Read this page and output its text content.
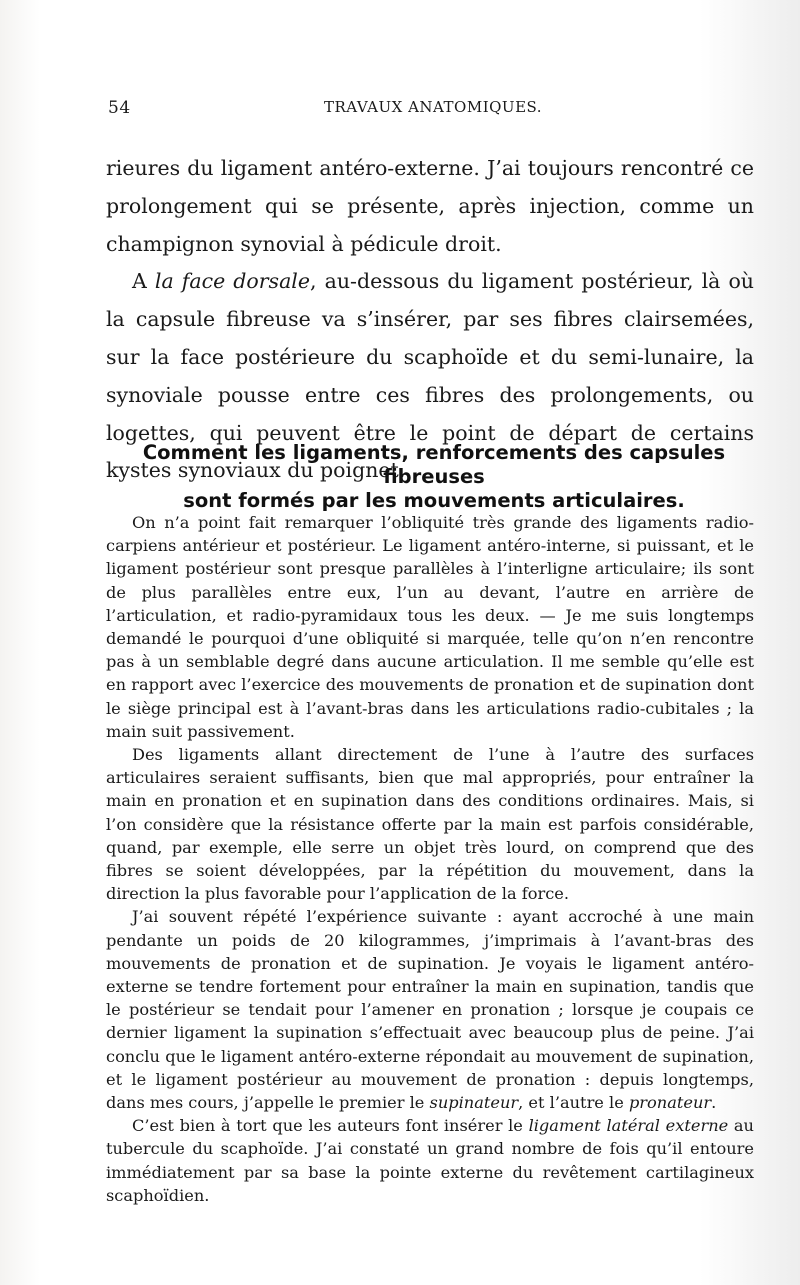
54	TRAVAUX ANATOMIQUES.

rieures du ligament antéro-externe. J’ai toujours rencontré ce prolongement qui se présente, après injection, comme un champignon synovial à pédicule droit.

A la face dorsale, au-dessous du ligament postérieur, là où la capsule fibreuse va s’insérer, par ses fibres clairsemées, sur la face postérieure du scaphoïde et du semi-lunaire, la synoviale pousse entre ces fibres des prolongements, ou logettes, qui peuvent être le point de départ de certains kystes synoviaux du poignet.

Comment les ligaments, renforcements des capsules fibreuses
sont formés par les mouvements articulaires.

On n’a point fait remarquer l’obliquité très grande des ligaments radio-carpiens antérieur et postérieur. Le ligament antéro-interne, si puissant, et le ligament postérieur sont presque parallèles à l’interligne articulaire; ils sont de plus parallèles entre eux, l’un au devant, l’autre en arrière de l’articulation, et radio-pyramidaux tous les deux. — Je me suis longtemps demandé le pourquoi d’une obliquité si marquée, telle qu’on n’en rencontre pas à un semblable degré dans aucune articulation. Il me semble qu’elle est en rapport avec l’exercice des mouvements de pronation et de supination dont le siège principal est à l’avant-bras dans les articulations radio-cubitales ; la main suit passivement.

Des ligaments allant directement de l’une à l’autre des surfaces articulaires seraient suffisants, bien que mal appropriés, pour entraîner la main en pronation et en supination dans des conditions ordinaires. Mais, si l’on considère que la résistance offerte par la main est parfois considérable, quand, par exemple, elle serre un objet très lourd, on comprend que des fibres se soient développées, par la répétition du mouvement, dans la direction la plus favorable pour l’application de la force.

J’ai souvent répété l’expérience suivante : ayant accroché à une main pendante un poids de 20 kilogrammes, j’imprimais à l’avant-bras des mouvements de pronation et de supination. Je voyais le ligament antéro-externe se tendre fortement pour entraîner la main en supination, tandis que le postérieur se tendait pour l’amener en pronation ; lorsque je coupais ce dernier ligament la supination s’effectuait avec beaucoup plus de peine. J’ai conclu que le ligament antéro-externe répondait au mouvement de supination, et le ligament postérieur au mouvement de pronation : depuis longtemps, dans mes cours, j’appelle le premier le supinateur, et l’autre le pronateur.

C’est bien à tort que les auteurs font insérer le ligament latéral externe au tubercule du scaphoïde. J’ai constaté un grand nombre de fois qu’il entoure immédiatement par sa base la pointe externe du revêtement cartilagineux scaphoïdien.
